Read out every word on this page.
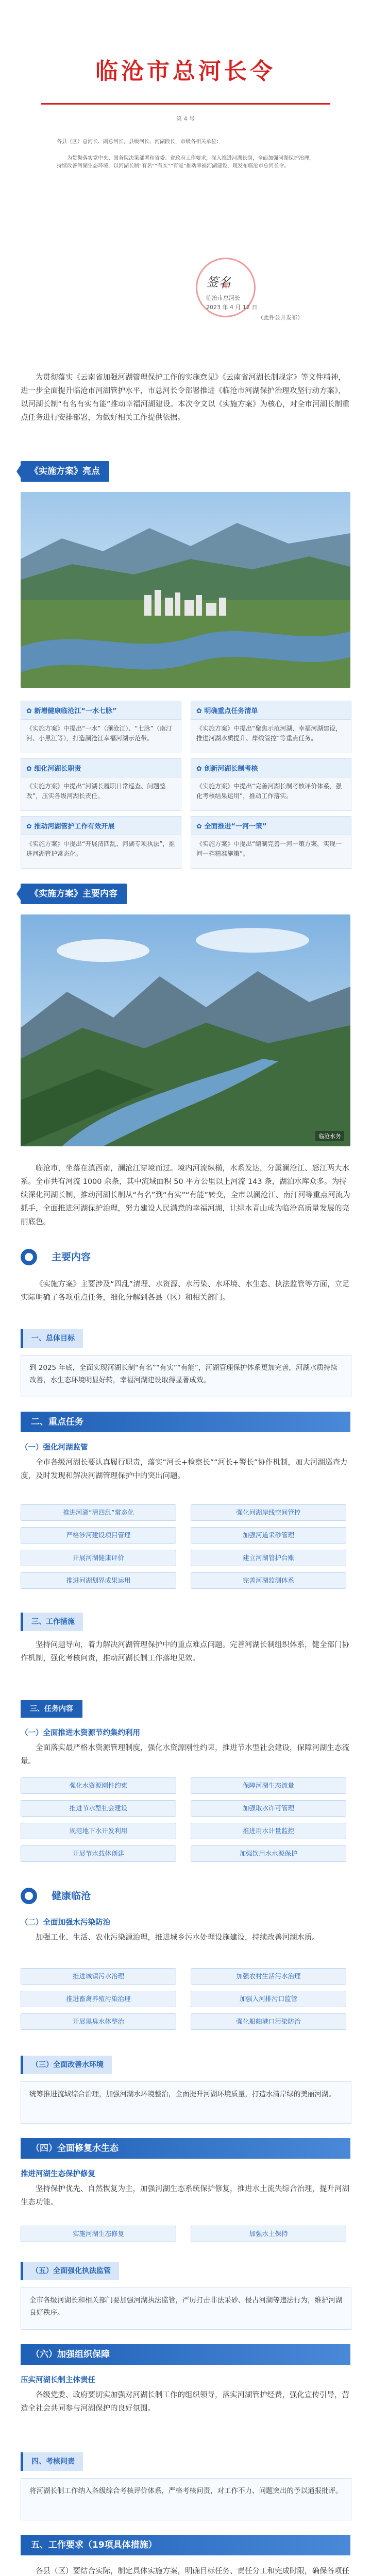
临沧市总河长令
第 4 号
各县（区）总河长、副总河长，县级河长、河湖段长，市级各相关单位：
为贯彻落实党中央、国务院决策部署和省委、省政府工作要求，深入推进河湖长制，全面加强河湖保护治理，持续改善河湖生态环境，以河湖长制“有名”“有实”“有能”推动幸福河湖建设，现发布临沧市总河长令。
★
签名
临沧市总河长
2023 年 4 月 12 日
（此件公开发布）
为贯彻落实《云南省加强河湖管理保护工作的实施意见》《云南省河湖长制规定》等文件精神，进一步全面提升临沧市河湖管护水平，市总河长令部署推进《临沧市河湖保护治理攻坚行动方案》，以河湖长制“有名有实有能”推动幸福河湖建设。本次令文以《实施方案》为核心，对全市河湖长制重点任务进行安排部署，为做好相关工作提供依据。
《实施方案》亮点
✿ 新增健康临沧江“一水七脉”

《实施方案》中提出“一水”（澜沧江）、“七脉”（南汀河、小黑江等），打造澜沧江幸福河湖示范带。

✿ 明确重点任务清单

《实施方案》中提出“聚焦示范河湖、幸福河湖建设，推进河湖水质提升、岸线管控”等重点任务。

✿ 细化河湖长职责

《实施方案》中提出“河湖长履职日常巡查、问题整改”，压实各级河湖长责任。

✿ 创新河湖长制考核

《实施方案》中提出“完善河湖长制考核评价体系，强化考核结果运用”，推动工作落实。

✿ 推动河湖管护工作有效开展

《实施方案》中提出“开展清四乱、河湖专项执法”，推进河湖管护常态化。

✿ 全面推进“一河一策”

《实施方案》中提出“编制完善一河一策方案，实现一河一档精准施策”。

《实施方案》主要内容
临沧水务
临沧市，坐落在滇西南，澜沧江穿境而过。境内河流纵横，水系发达，分属澜沧江、怒江两大水系。全市共有河流 1000 余条，其中流域面积 50 平方公里以上河流 143 条，湖泊水库众多。为持续深化河湖长制，推动河湖长制从“有名”到“有实”“有能”转变，全市以澜沧江、南汀河等重点河流为抓手，全面推进河湖保护治理，努力建设人民满意的幸福河湖，让绿水青山成为临沧高质量发展的亮丽底色。
主要内容
《实施方案》主要涉及“四乱”清理、水资源、水污染、水环境、水生态、执法监管等方面，立足实际明确了各项重点任务，细化分解到各县（区）和相关部门。
一、总体目标

到 2025 年底，全面实现河湖长制“有名”“有实”“有能”，河湖管理保护体系更加完善，河湖水质持续改善，水生态环境明显好转，幸福河湖建设取得显著成效。

二、重点任务
（一）强化河湖监管
全市各级河湖长要认真履行职责，落实“河长+检察长”“河长+警长”协作机制，加大河湖巡查力度，及时发现和解决河湖管理保护中的突出问题。
推进河湖“清四乱”常态化	强化河湖岸线空间管控
严格涉河建设项目管理	加强河道采砂管理
开展河湖健康评价	建立河湖管护台账
推进河湖划界成果运用	完善河湖监测体系
三、工作措施
坚持问题导向，着力解决河湖管理保护中的重点难点问题。完善河湖长制组织体系，健全部门协作机制，强化考核问责，推动河湖长制工作落地见效。
三、任务内容
（一）全面推进水资源节约集约利用
全面落实最严格水资源管理制度，强化水资源刚性约束，推进节水型社会建设，保障河湖生态流量。
强化水资源刚性约束	保障河湖生态流量
推进节水型社会建设	加强取水许可管理
规范地下水开发利用	推进用水计量监控
开展节水载体创建	加强饮用水水源保护
健康临沧
（二）全面加强水污染防治
加强工业、生活、农业污染源治理，推进城乡污水处理设施建设，持续改善河湖水质。
推进城镇污水治理	加强农村生活污水治理
推进畜禽养殖污染治理	加强入河排污口监管
开展黑臭水体整治	强化船舶港口污染防治
（三）全面改善水环境

统筹推进流域综合治理，加强河湖水环境整治，全面提升河湖环境质量，打造水清岸绿的美丽河湖。

（四）全面修复水生态
推进河湖生态保护修复
坚持保护优先、自然恢复为主，加强河湖生态系统保护修复，推进水土流失综合治理，提升河湖生态功能。
实施河湖生态修复	加强水土保持
（五）全面强化执法监管

全市各级河湖长和相关部门要加强河湖执法监管，严厉打击非法采砂、侵占河湖等违法行为，维护河湖良好秩序。

（六）加强组织保障
压实河湖长制主体责任
各级党委、政府要切实加强对河湖长制工作的组织领导，落实河湖管护经费，强化宣传引导，营造全社会共同参与河湖保护的良好氛围。
四、考核问责

将河湖长制工作纳入各级综合考核评价体系，严格考核问责，对工作不力、问题突出的予以通报批评。

五、工作要求（19项具体措施）
各县（区）要结合实际，制定具体实施方案，明确目标任务、责任分工和完成时限，确保各项任
